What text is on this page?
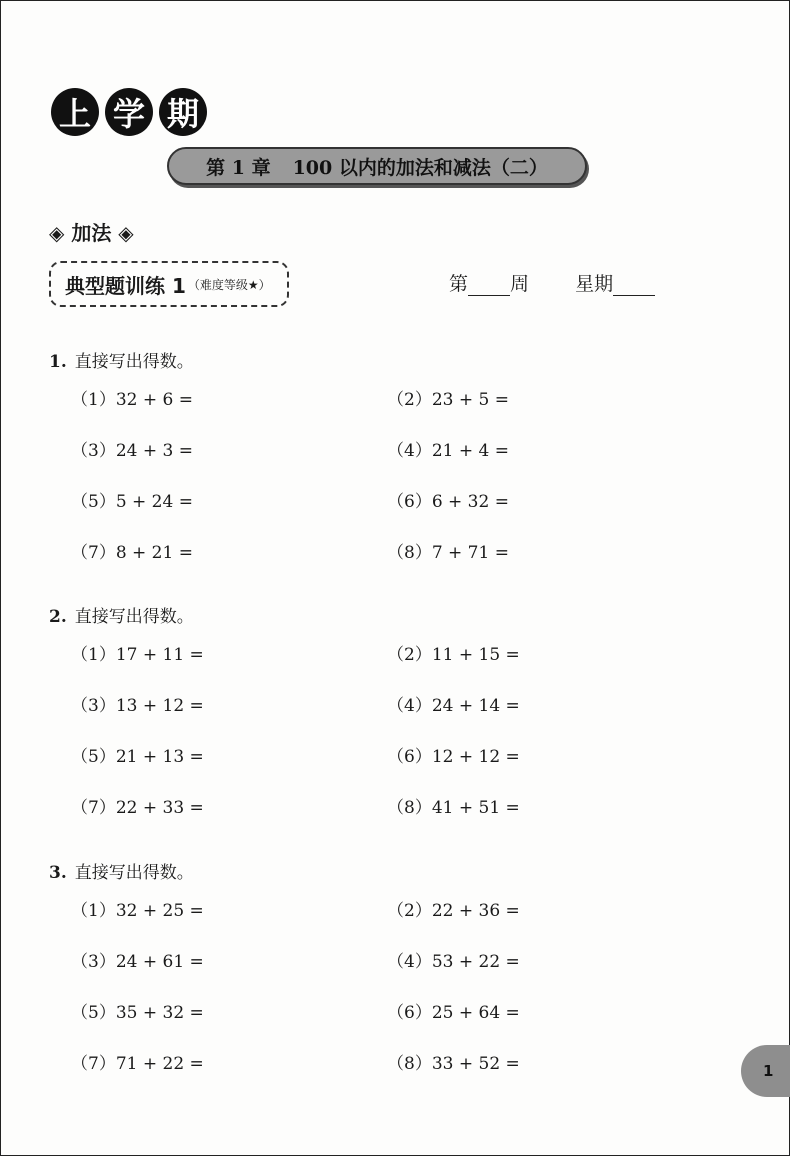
上 学 期
第 1 章 100 以内的加法和减法（二）
◈ 加法 ◈
典型题训练 1 （难度等级★）	第 周 星期
1. 直接写出得数。
（1）32 + 6 =	（2）23 + 5 =
（3）24 + 3 =	（4）21 + 4 =
（5）5 + 24 =	（6）6 + 32 =
（7）8 + 21 =	（8）7 + 71 =
2. 直接写出得数。
（1）17 + 11 =	（2）11 + 15 =
（3）13 + 12 =	（4）24 + 14 =
（5）21 + 13 =	（6）12 + 12 =
（7）22 + 33 =	（8）41 + 51 =
3. 直接写出得数。
（1）32 + 25 =	（2）22 + 36 =
（3）24 + 61 =	（4）53 + 22 =
（5）35 + 32 =	（6）25 + 64 =
（7）71 + 22 =	（8）33 + 52 =	1
